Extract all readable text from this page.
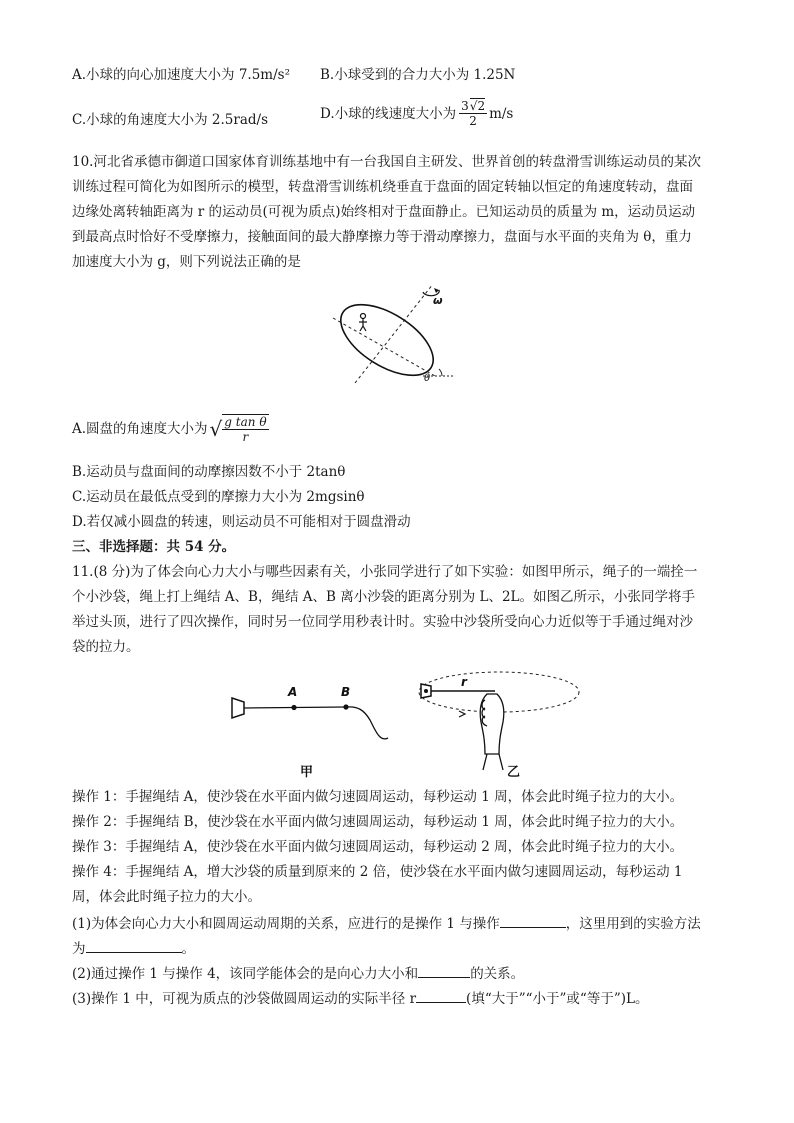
A.小球的向心加速度大小为 7.5m/s² B.小球受到的合力大小为 1.25N
C.小球的角速度大小为 2.5rad/s	D.小球的线速度大小为 $\frac{3√2}{2} m/s$
10.河北省承德市御道口国家体育训练基地中有一台我国自主研发、世界首创的转盘滑雪训练运动员的某次
训练过程可简化为如图所示的模型，转盘滑雪训练机绕垂直于盘面的固定转轴以恒定的角速度转动，盘面
边缘处离转轴距离为 r 的运动员(可视为质点)始终相对于盘面静止。已知运动员的质量为 m，运动员运动
到最高点时恰好不受摩擦力，接触面间的最大静摩擦力等于滑动摩擦力，盘面与水平面的夹角为 θ，重力
加速度大小为 g，则下列说法正确的是
ω
θ
A.圆盘的角速度大小为 √ $\frac{\text{g tan θ}}{r}$
B.运动员与盘面间的动摩擦因数不小于 2tanθ
C.运动员在最低点受到的摩擦力大小为 2mgsinθ
D.若仅减小圆盘的转速，则运动员不可能相对于圆盘滑动
三、非选择题：共 54 分。
11.(8 分)为了体会向心力大小与哪些因素有关，小张同学进行了如下实验：如图甲所示，绳子的一端拴一
个小沙袋，绳上打上绳结 A、B，绳结 A、B 离小沙袋的距离分别为 L、2L。如图乙所示，小张同学将手
举过头顶，进行了四次操作，同时另一位同学用秒表计时。实验中沙袋所受向心力近似等于手通过绳对沙
袋的拉力。
A	B
甲
r
乙
操作 1：手握绳结 A，使沙袋在水平面内做匀速圆周运动，每秒运动 1 周，体会此时绳子拉力的大小。
操作 2：手握绳结 B，使沙袋在水平面内做匀速圆周运动，每秒运动 1 周，体会此时绳子拉力的大小。
操作 3：手握绳结 A，使沙袋在水平面内做匀速圆周运动，每秒运动 2 周，体会此时绳子拉力的大小。
操作 4：手握绳结 A，增大沙袋的质量到原来的 2 倍，使沙袋在水平面内做匀速圆周运动，每秒运动 1
周，体会此时绳子拉力的大小。
(1)为体会向心力大小和圆周运动周期的关系，应进行的是操作 1 与操作	，这里用到的实验方法
为	。
(2)通过操作 1 与操作 4，该同学能体会的是向心力大小和	的关系。
(3)操作 1 中，可视为质点的沙袋做圆周运动的实际半径 r	(填“大于”“小于”或“等于”)L。
